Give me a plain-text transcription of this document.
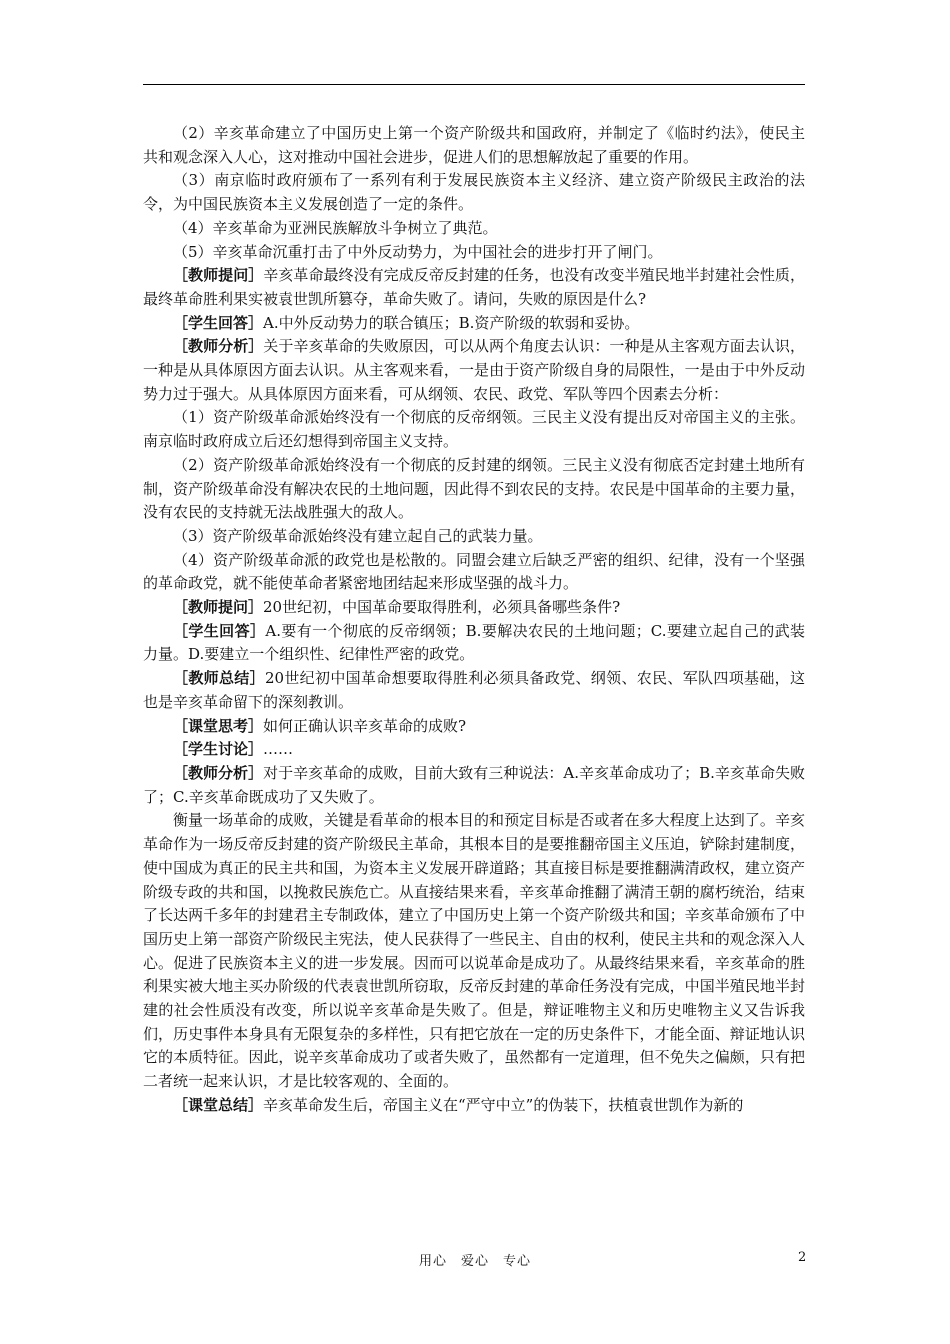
（2）辛亥革命建立了中国历史上第一个资产阶级共和国政府，并制定了《临时约法》，使民主共和观念深入人心，这对推动中国社会进步，促进人们的思想解放起了重要的作用。

（3）南京临时政府颁布了一系列有利于发展民族资本主义经济、建立资产阶级民主政治的法令，为中国民族资本主义发展创造了一定的条件。

（4）辛亥革命为亚洲民族解放斗争树立了典范。

（5）辛亥革命沉重打击了中外反动势力，为中国社会的进步打开了闸门。

［教师提问］辛亥革命最终没有完成反帝反封建的任务，也没有改变半殖民地半封建社会性质，最终革命胜利果实被袁世凯所篡夺，革命失败了。请问，失败的原因是什么?

［学生回答］A.中外反动势力的联合镇压；B.资产阶级的软弱和妥协。

［教师分析］关于辛亥革命的失败原因，可以从两个角度去认识：一种是从主客观方面去认识，一种是从具体原因方面去认识。从主客观来看，一是由于资产阶级自身的局限性，一是由于中外反动势力过于强大。从具体原因方面来看，可从纲领、农民、政党、军队等四个因素去分析：

（1）资产阶级革命派始终没有一个彻底的反帝纲领。三民主义没有提出反对帝国主义的主张。南京临时政府成立后还幻想得到帝国主义支持。

（2）资产阶级革命派始终没有一个彻底的反封建的纲领。三民主义没有彻底否定封建土地所有制，资产阶级革命没有解决农民的土地问题，因此得不到农民的支持。农民是中国革命的主要力量，没有农民的支持就无法战胜强大的敌人。

（3）资产阶级革命派始终没有建立起自己的武装力量。

（4）资产阶级革命派的政党也是松散的。同盟会建立后缺乏严密的组织、纪律，没有一个坚强的革命政党，就不能使革命者紧密地团结起来形成坚强的战斗力。

［教师提问］20世纪初，中国革命要取得胜利，必须具备哪些条件?

［学生回答］A.要有一个彻底的反帝纲领；B.要解决农民的土地问题；C.要建立起自己的武装力量。D.要建立一个组织性、纪律性严密的政党。

［教师总结］20世纪初中国革命想要取得胜利必须具备政党、纲领、农民、军队四项基础，这也是辛亥革命留下的深刻教训。

［课堂思考］如何正确认识辛亥革命的成败?

［学生讨论］……

［教师分析］对于辛亥革命的成败，目前大致有三种说法：A.辛亥革命成功了；B.辛亥革命失败了；C.辛亥革命既成功了又失败了。

衡量一场革命的成败，关键是看革命的根本目的和预定目标是否或者在多大程度上达到了。辛亥革命作为一场反帝反封建的资产阶级民主革命，其根本目的是要推翻帝国主义压迫，铲除封建制度，使中国成为真正的民主共和国，为资本主义发展开辟道路；其直接目标是要推翻满清政权，建立资产阶级专政的共和国，以挽救民族危亡。从直接结果来看，辛亥革命推翻了满清王朝的腐朽统治，结束了长达两千多年的封建君主专制政体，建立了中国历史上第一个资产阶级共和国；辛亥革命颁布了中国历史上第一部资产阶级民主宪法，使人民获得了一些民主、自由的权利，使民主共和的观念深入人心。促进了民族资本主义的进一步发展。因而可以说革命是成功了。从最终结果来看，辛亥革命的胜利果实被大地主买办阶级的代表袁世凯所窃取，反帝反封建的革命任务没有完成，中国半殖民地半封建的社会性质没有改变，所以说辛亥革命是失败了。但是，辩证唯物主义和历史唯物主义又告诉我们，历史事件本身具有无限复杂的多样性，只有把它放在一定的历史条件下，才能全面、辩证地认识它的本质特征。因此，说辛亥革命成功了或者失败了，虽然都有一定道理，但不免失之偏颇，只有把二者统一起来认识，才是比较客观的、全面的。

［课堂总结］辛亥革命发生后，帝国主义在“严守中立”的伪装下，扶植袁世凯作为新的

用心　爱心　专心	2
